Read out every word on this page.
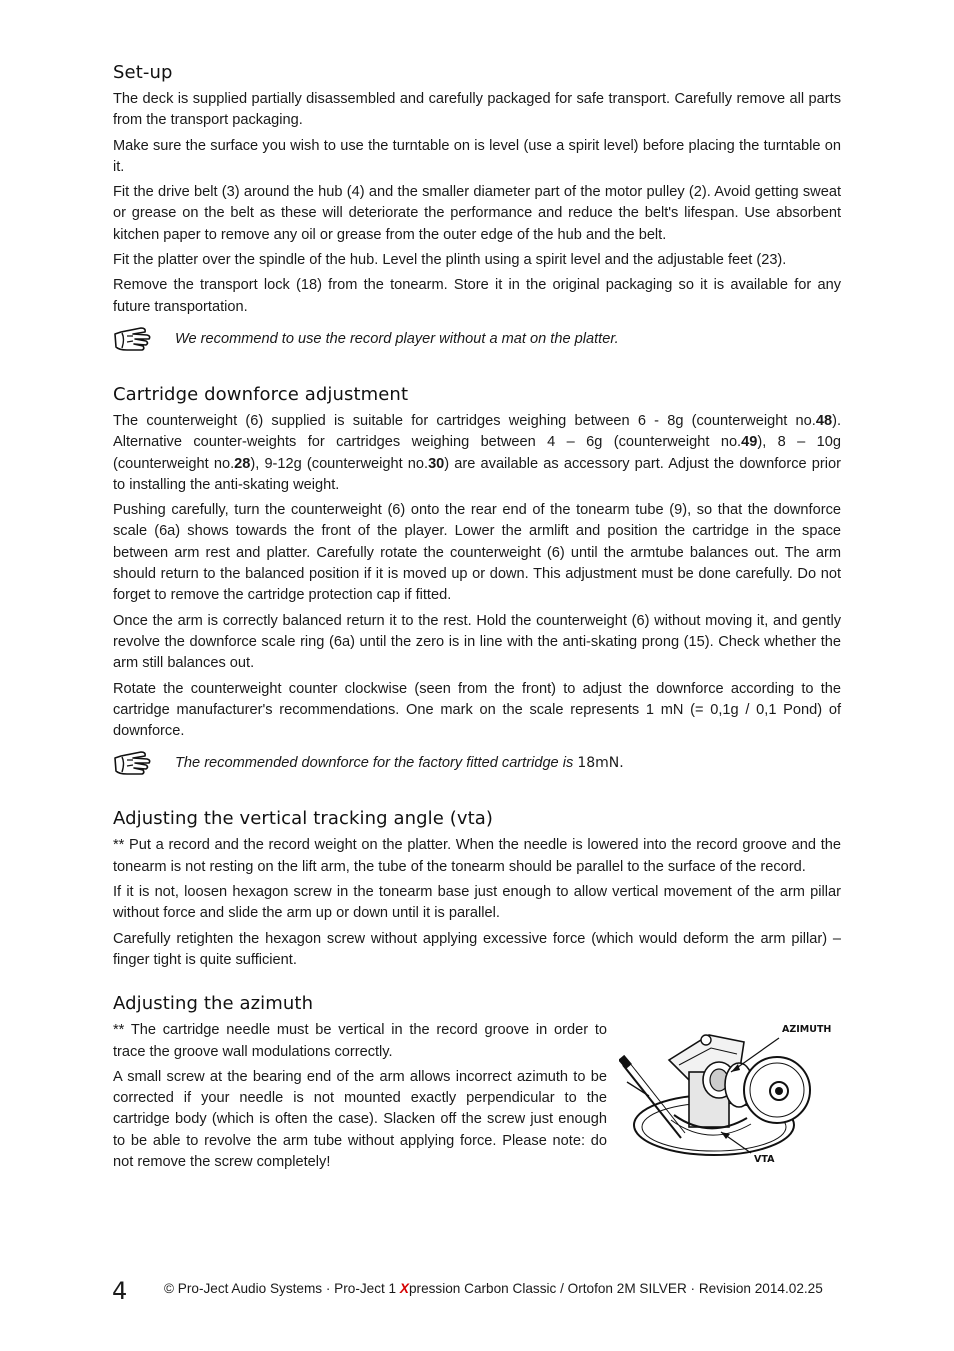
Set-up

The deck is supplied partially disassembled and carefully packaged for safe transport. Carefully remove all parts from the transport packaging.

Make sure the surface you wish to use the turntable on is level (use a spirit level) before placing the turntable on it.

Fit the drive belt (3) around the hub (4) and the smaller diameter part of the motor pulley (2). Avoid getting sweat or grease on the belt as these will deteriorate the performance and reduce the belt's lifespan. Use absorbent kitchen paper to remove any oil or grease from the outer edge of the hub and the belt.

Fit the platter over the spindle of the hub. Level the plinth using a spirit level and the adjustable feet (23).

Remove the transport lock (18) from the tonearm. Store it in the original packaging so it is available for any future transportation.

We recommend to use the record player without a mat on the platter.
Cartridge downforce adjustment

The counterweight (6) supplied is suitable for cartridges weighing between 6 - 8g (counterweight no.48). Alternative counter-weights for cartridges weighing between 4 – 6g (counterweight no.49), 8 – 10g (counterweight no.28), 9-12g (counterweight no.30) are available as accessory part. Adjust the downforce prior to installing the anti-skating weight.

Pushing carefully, turn the counterweight (6) onto the rear end of the tonearm tube (9), so that the downforce scale (6a) shows towards the front of the player. Lower the armlift and position the cartridge in the space between arm rest and platter. Carefully rotate the counterweight (6) until the armtube balances out. The arm should return to the balanced position if it is moved up or down. This adjustment must be done carefully. Do not forget to remove the cartridge protection cap if fitted.

Once the arm is correctly balanced return it to the rest. Hold the counterweight (6) without moving it, and gently revolve the downforce scale ring (6a) until the zero is in line with the anti-skating prong (15). Check whether the arm still balances out.

Rotate the counterweight counter clockwise (seen from the front) to adjust the downforce according to the cartridge manufacturer's recommendations. One mark on the scale represents 1 mN (= 0,1g / 0,1 Pond) of downforce.

The recommended downforce for the factory fitted cartridge is 18mN.
Adjusting the vertical tracking angle (vta)

** Put a record and the record weight on the platter. When the needle is lowered into the record groove and the tonearm is not resting on the lift arm, the tube of the tonearm should be parallel to the surface of the record.

If it is not, loosen hexagon screw in the tonearm base just enough to allow vertical movement of the arm pillar without force and slide the arm up or down until it is parallel.

Carefully retighten the hexagon screw without applying excessive force (which would deform the arm pillar) – finger tight is quite sufficient.

Adjusting the azimuth

** The cartridge needle must be vertical in the record groove in order to trace the groove wall modulations correctly.

A small screw at the bearing end of the arm allows incorrect azimuth to be corrected if your needle is not mounted exactly perpendicular to the cartridge body (which is often the case). Slacken off the screw just enough to be able to revolve the arm tube without applying force. Please note: do not remove the screw completely!

AZIMUTH
VTA
4	© Pro-Ject Audio Systems · Pro-Ject 1 Xpression Carbon Classic / Ortofon 2M SILVER · Revision 2014.02.25
